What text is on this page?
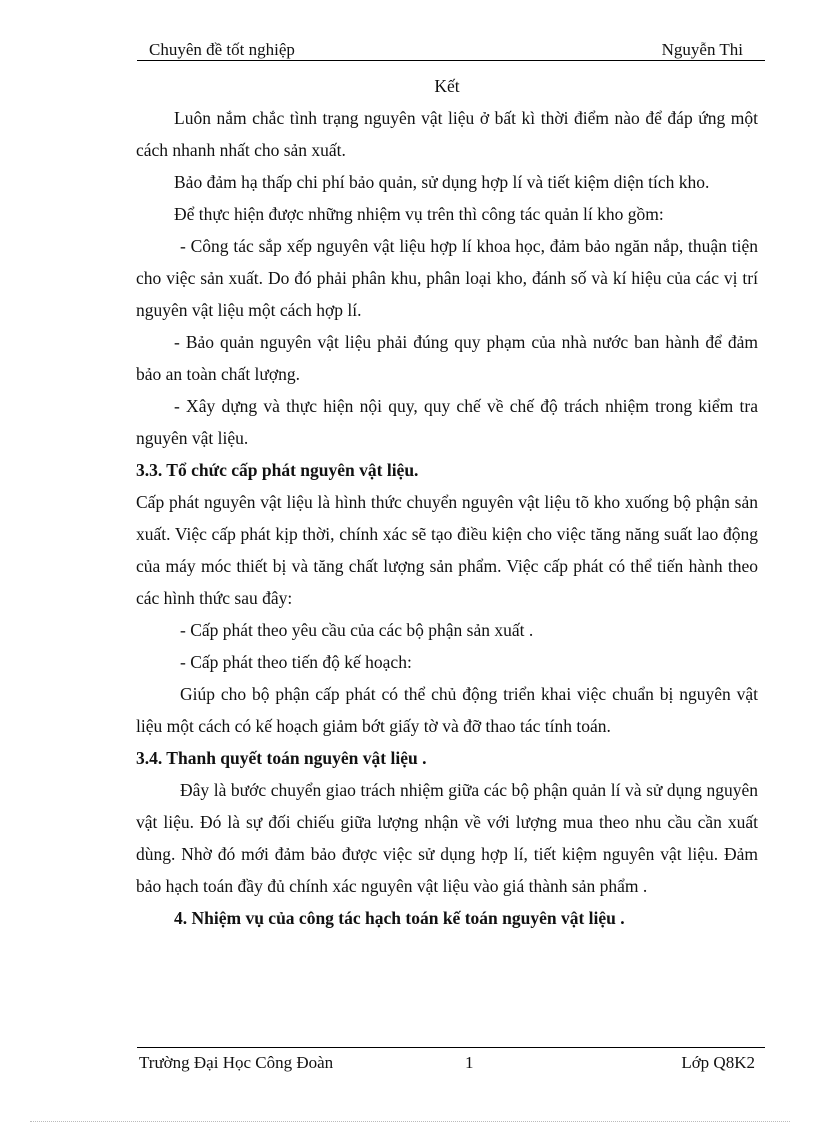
Chuyên đề tốt nghiệp	Nguyễn Thi

Kết

Luôn nắm chắc tình trạng nguyên vật liệu ở bất kì thời điểm nào để đáp ứng một cách nhanh nhất cho sản xuất.

Bảo đảm hạ thấp chi phí bảo quản, sử dụng hợp lí và tiết kiệm diện tích kho.

Để thực hiện được những nhiệm vụ trên thì công tác quản lí kho gồm:

- Công tác sắp xếp nguyên vật liệu hợp lí khoa học, đảm bảo ngăn nắp, thuận tiện cho việc sản xuất. Do đó phải phân khu, phân loại kho, đánh số và kí hiệu của các vị trí nguyên vật liệu một cách hợp lí.

- Bảo quản nguyên vật liệu phải đúng quy phạm của nhà nước ban hành để đảm bảo an toàn chất lượng.

- Xây dựng và thực hiện nội quy, quy chế về chế độ trách nhiệm trong kiểm tra nguyên vật liệu.

3.3. Tổ chức cấp phát nguyên vật liệu.

Cấp phát nguyên vật liệu là hình thức chuyển nguyên vật liệu tõ kho xuống bộ phận sản xuất. Việc cấp phát kịp thời, chính xác sẽ tạo điều kiện cho việc tăng năng suất lao động của máy móc thiết bị và tăng chất lượng sản phẩm. Việc cấp phát có thể tiến hành theo các hình thức sau đây:

- Cấp phát theo yêu cầu của các bộ phận sản xuất .

- Cấp phát theo tiến độ kế hoạch:

Giúp cho bộ phận cấp phát có thể chủ động triển khai việc chuẩn bị nguyên vật liệu một cách có kế hoạch giảm bớt giấy tờ và đỡ thao tác tính toán.

3.4. Thanh quyết toán nguyên vật liệu .

Đây là bước chuyển giao trách nhiệm giữa các bộ phận quản lí và sử dụng nguyên vật liệu. Đó là sự đối chiếu giữa lượng nhận về với lượng mua theo nhu cầu cần xuất dùng. Nhờ đó mới đảm bảo được việc sử dụng hợp lí, tiết kiệm nguyên vật liệu. Đảm bảo hạch toán đầy đủ chính xác nguyên vật liệu vào giá thành sản phẩm .

4. Nhiệm vụ của công tác hạch toán kế toán nguyên vật liệu .

Trường Đại Học Công Đoàn	1	Lớp Q8K2
